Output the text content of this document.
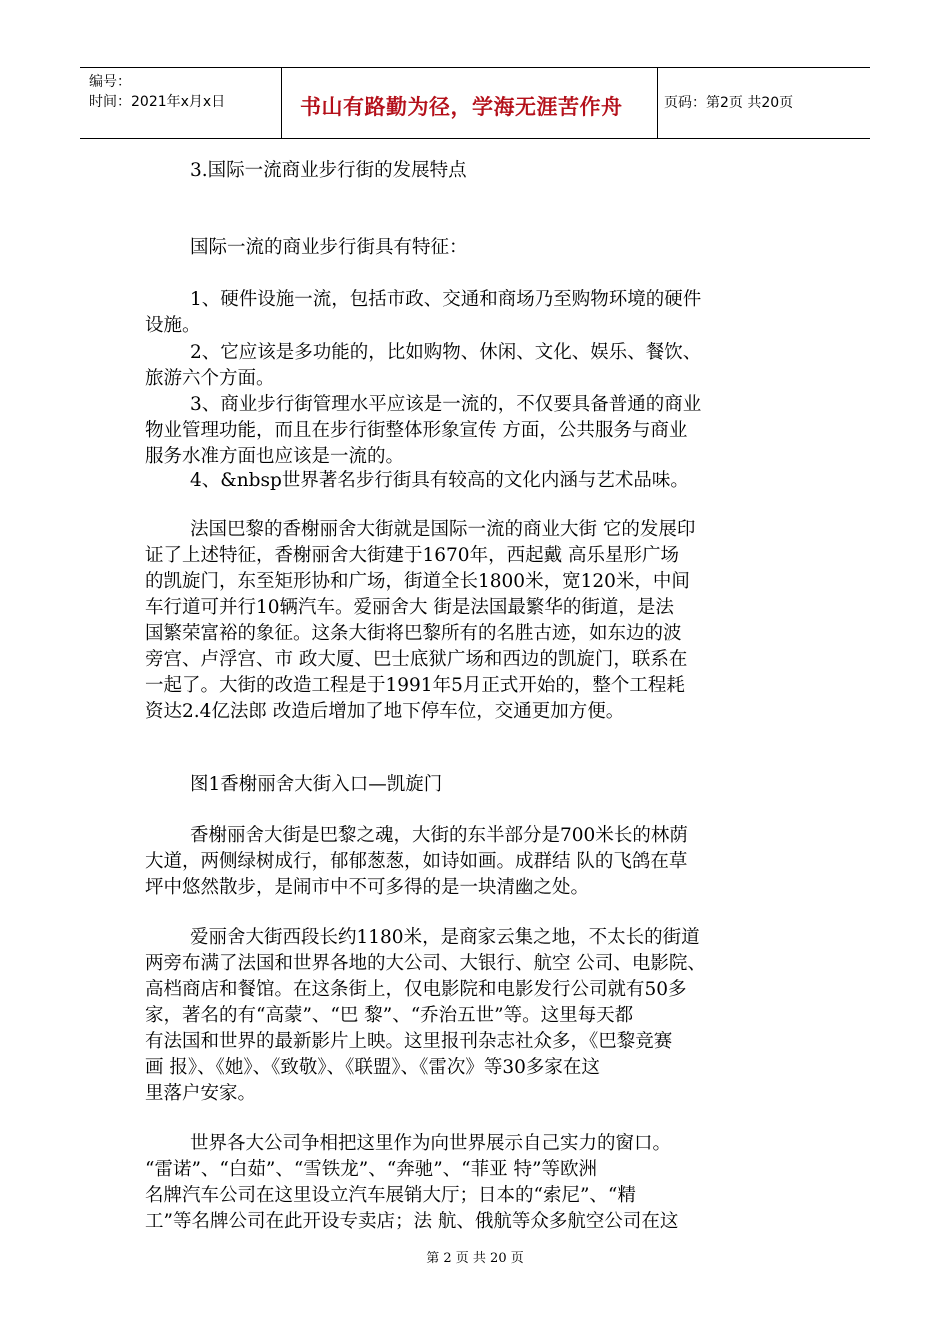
编号：
时间：2021年x月x日	书山有路勤为径，学海无涯苦作舟	页码：第2页 共20页
3.国际一流商业步行街的发展特点
国际一流的商业步行街具有特征：
1、硬件设施一流，包括市政、交通和商场乃至购物环境的硬件
设施。
2、它应该是多功能的，比如购物、休闲、文化、娱乐、餐饮、
旅游六个方面。
3、商业步行街管理水平应该是一流的，不仅要具备普通的商业
物业管理功能，而且在步行街整体形象宣传 方面，公共服务与商业
服务水准方面也应该是一流的。
4、&nbsp世界著名步行街具有较高的文化内涵与艺术品味。
法国巴黎的香榭丽舍大街就是国际一流的商业大街 它的发展印
证了上述特征，香榭丽舍大街建于1670年，西起戴 高乐星形广场
的凯旋门，东至矩形协和广场，街道全长1800米，宽120米，中间
车行道可并行10辆汽车。爱丽舍大 街是法国最繁华的街道，是法
国繁荣富裕的象征。这条大街将巴黎所有的名胜古迹，如东边的波
旁宫、卢浮宫、市 政大厦、巴士底狱广场和西边的凯旋门，联系在
一起了。大街的改造工程是于1991年5月正式开始的，整个工程耗
资达2.4亿法郎 改造后增加了地下停车位，交通更加方便。
图1香榭丽舍大街入口—凯旋门
香榭丽舍大街是巴黎之魂，大街的东半部分是700米长的林荫
大道，两侧绿树成行，郁郁葱葱，如诗如画。成群结 队的飞鸽在草
坪中悠然散步，是闹市中不可多得的是一块清幽之处。
爱丽舍大街西段长约1180米，是商家云集之地，不太长的街道
两旁布满了法国和世界各地的大公司、大银行、航空 公司、电影院、
高档商店和餐馆。在这条街上，仅电影院和电影发行公司就有50多
家，著名的有“高蒙”、“巴 黎”、“乔治五世”等。这里每天都
有法国和世界的最新影片上映。这里报刊杂志社众多，《巴黎竞赛
画 报》、《她》、《致敬》、《联盟》、《雷次》等30多家在这
里落户安家。
世界各大公司争相把这里作为向世界展示自己实力的窗口。
“雷诺”、“白茹”、“雪铁龙”、“奔驰”、“菲亚 特”等欧洲
名牌汽车公司在这里设立汽车展销大厅；日本的“索尼”、“精
工”等名牌公司在此开设专卖店；法 航、俄航等众多航空公司在这
第 2 页 共 20 页
